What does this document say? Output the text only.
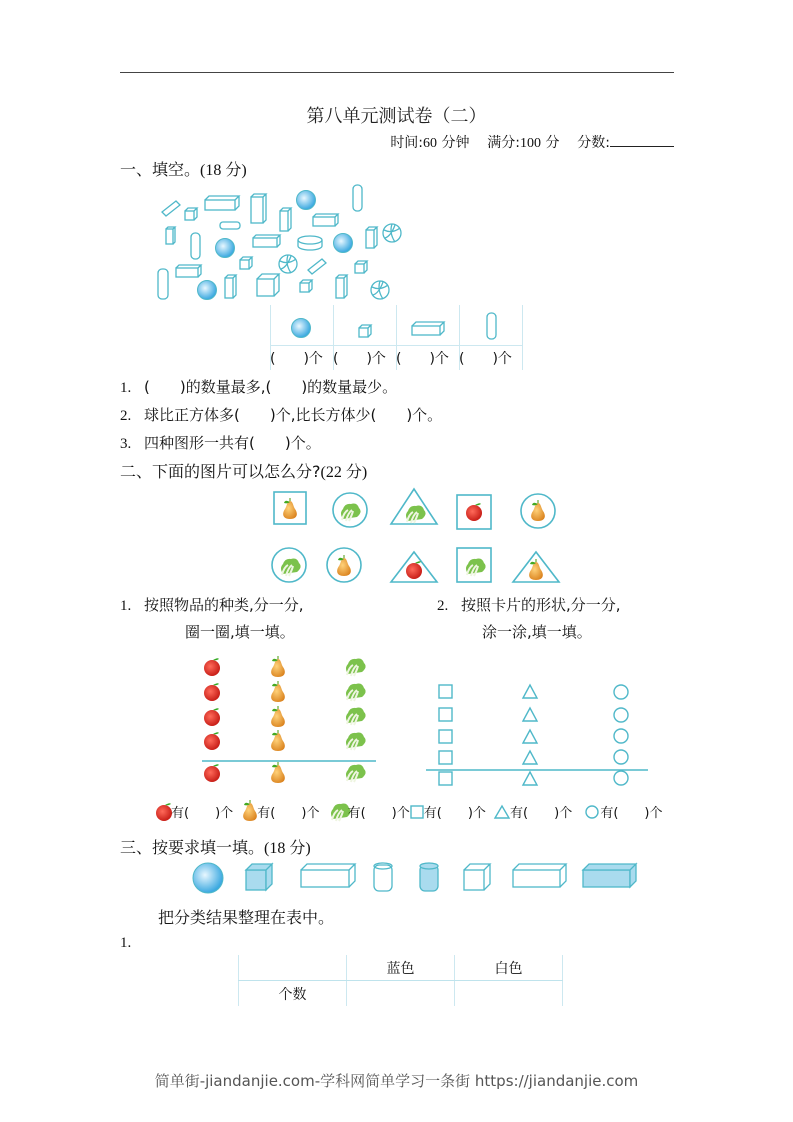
第八单元测试卷（二）
时间:60 分钟 满分:100 分 分数:
一、填空。(18 分)
(　　)个 (　　)个 (　　)个 (　　)个
1. (　　)的数量最多,(　　)的数量最少。
2. 球比正方体多(　　)个,比长方体少(　　)个。
3. 四种图形一共有(　　)个。
二、下面的图片可以怎么分?(22 分)
1. 按照物品的种类,分一分,
圈一圈,填一填。
2. 按照卡片的形状,分一分,
涂一涂,填一填。
有(　　)个 有(　　)个 有(　　)个 有(　　)个 有(　　)个 有(　　)个
三、按要求填一填。(18 分)
把分类结果整理在表中。
1.
	蓝色	白色
个数		
简单街-jiandanjie.com-学科网简单学习一条街 https://jiandanjie.com
